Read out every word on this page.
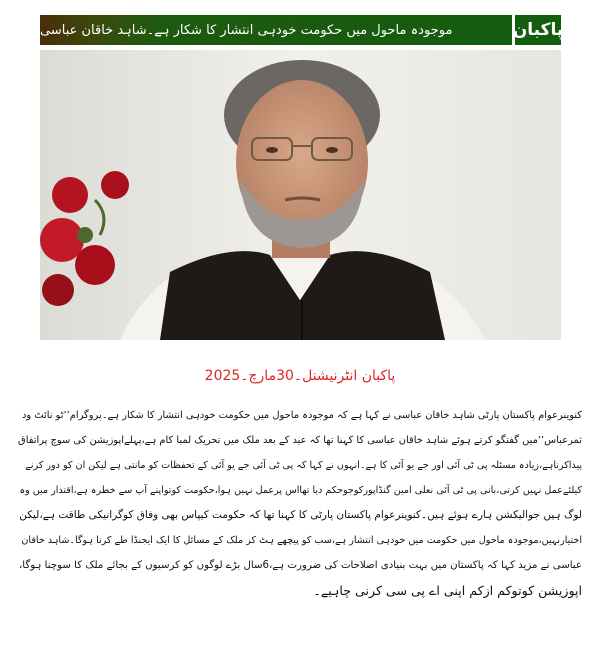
موجودہ ماحول میں حکومت خودہی انتشار کا شکار ہے۔شاہد خاقان عباسی	پاکبان
پاکبان انٹرنیشنل۔30مارچ۔2025
کنوینرعوام پاکستان پارٹی شاہد خاقان عباسی نے کہا ہے کہ موجودہ ماحول میں حکومت خودہی انتشار کا شکار ہے۔پروگرام’’ٹو نائٹ ود
ثمرعباس’’میں گفتگو کرتے ہوئے شاہد خاقان عباسی کا کہنا تھا کہ عید کے بعد ملک میں تحریک لمبا کام ہے،پہلےاپوزیشن کی سوچ پراتفاق
پیداکرناہے،زیادہ مسئلہ پی ٹی آئی اور جے یو آئی کا ہے۔انہوں نے کہا کہ پی ٹی آئی جے یو آئی کے تحفظات کو مانتی ہے لیکن ان کو دور کرنے
کیلئےعمل نہیں کرتی،بانی پی ٹی آئی نعلی امین گنڈاپورکوجوحکم دیا تھااس پرعمل نہیں ہوا،حکومت کوتواپنے آپ سے خطرہ ہے،اقتدار میں وہ
لوگ ہیں جوالیکشن ہارے ہوئے ہیں۔کنوینرعوام پاکستان پارٹی کا کہنا تھا کہ حکومت کیپاس بھی وفاق کوگرانیکی طاقت ہے،لیکن
اختیارنہیں،موجودہ ماحول میں حکومت میں خودہی انتشار ہے،سب کو پیچھے ہٹ کر ملک کے مسائل کا ایک ایجنڈا طے کرنا ہوگا۔شاہد خاقان
عباسی نے مزید کہا کہ پاکستان میں بہت بنیادی اصلاحات کی ضرورت ہے،6سال بڑے لوگوں کو کرسیوں کے بجائے ملک کا سوچنا ہوگا،
اپوزیشن کوتوکم ازکم اپنی اے پی سی کرنی چاہیے۔
